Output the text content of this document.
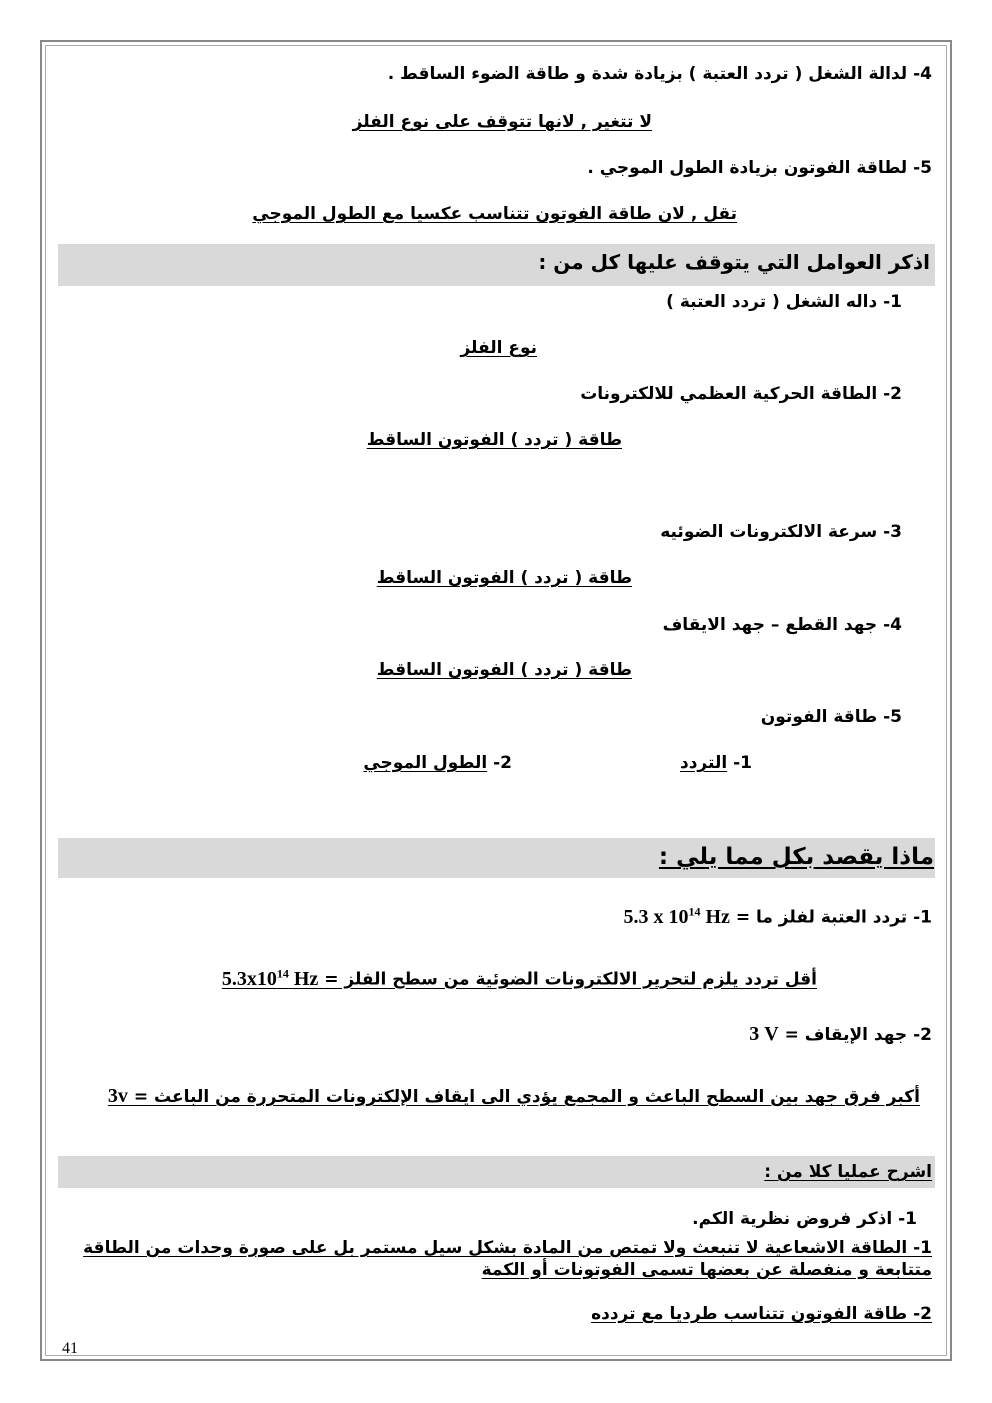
4- لدالة الشغل ( تردد العتبة ) بزيادة شدة و طاقة الضوء الساقط .
لا تتغير , لانها تتوقف على نوع الفلز
5- لطاقة الفوتون بزيادة الطول الموجي .
تقل , لان طاقة الفوتون تتناسب عكسيا مع الطول الموجي
اذكر العوامل التي يتوقف عليها كل من :
1- داله الشغل ( تردد العتبة )
نوع الفلز
2- الطاقة الحركية العظمي للالكترونات
طاقة ( تردد ) الفوتون الساقط
3- سرعة الالكترونات الضوئيه
طاقة ( تردد ) الفوتون الساقط
4- جهد القطع – جهد الايقاف
طاقة ( تردد ) الفوتون الساقط
5- طاقة الفوتون
1- التردد
2- الطول الموجي
ماذا يقصد بكل مما يلي :
1- تردد العتبة لفلز ما = 5.3 x $10^{14}$ Hz
أقل تردد يلزم لتحرير الالكترونات الضوئية من سطح الفلز = $5.3x10^{14}$ Hz
2- جهد الإيقاف = 3 V
أكبر فرق جهد بين السطح الباعث و المجمع يؤدي الى ايقاف الإلكترونات المتحررة من الباعث = 3v
اشرح عمليا كلا من :
1- اذكر فروض نظرية الكم.
1- الطاقة الاشعاعية لا تنبعث ولا تمتص من المادة بشكل سيل مستمر بل على صورة وحدات من الطاقة متتابعة و منفصلة عن بعضها تسمى الفوتونات أو الكمة
2- طاقة الفوتون تتناسب طرديا مع تردده
41
